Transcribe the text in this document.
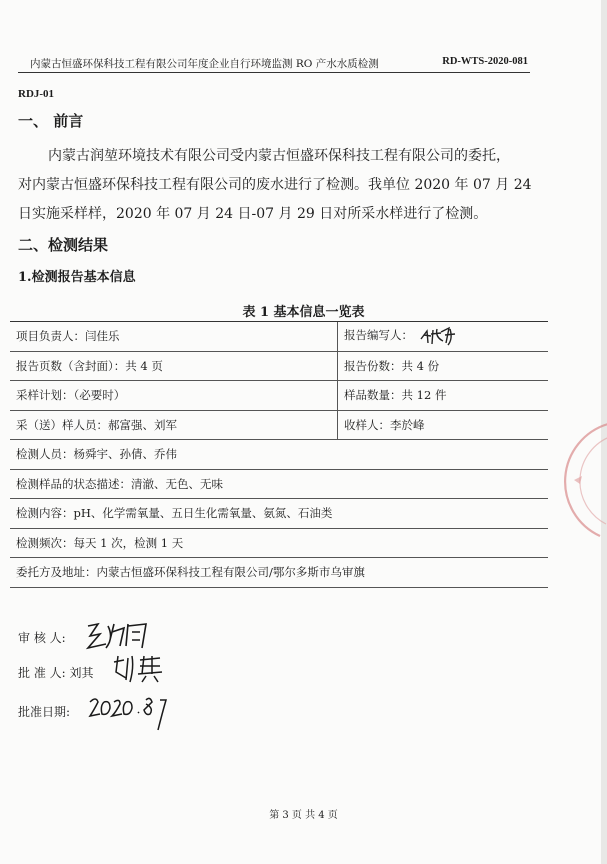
内蒙古恒盛环保科技工程有限公司年度企业自行环境监测 RO 产水水质检测	RD-WTS-2020-081
RDJ-01
一、 前言
内蒙古润堃环境技术有限公司受内蒙古恒盛环保科技工程有限公司的委托，
对内蒙古恒盛环保科技工程有限公司的废水进行了检测。我单位 2020 年 07 月 24
日实施采样样，2020 年 07 月 24 日-07 月 29 日对所采水样进行了检测。
二、检测结果
1.检测报告基本信息
表 1 基本信息一览表
项目负责人：闫佳乐	报告编写人：
报告页数（含封面）：共 4 页	报告份数：共 4 份
采样计划：（必要时）	样品数量：共 12 件
采（送）样人员：郝富强、刘军	收样人：李於峰
检测人员：杨舜宇、孙倩、乔伟	
检测样品的状态描述：清澈、无色、无味	
检测内容：pH、化学需氧量、五日生化需氧量、氨氮、石油类	
检测频次：每天 1 次，检测 1 天	
委托方及地址：内蒙古恒盛环保科技工程有限公司/鄂尔多斯市乌审旗	
审 核 人:
批 准 人: 刘其
批准日期:
第 3 页 共 4 页
